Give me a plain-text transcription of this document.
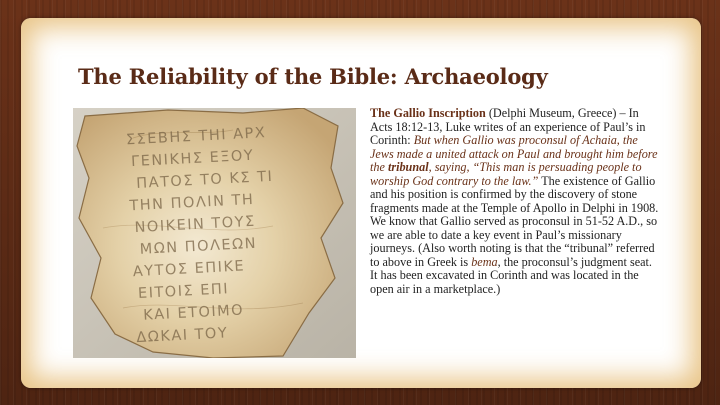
The Reliability of the Bible: Archaeology
ΣΣΕΒΗΣ ΤΗΙ ΑΡΧ
ΓΕΝΙΚΗΣ ΕΞΟΥ
ΠΑΤΟΣ ΤΟ ΚΣ ΤΙ
ΤΗΝ ΠΟΛΙΝ ΤΗ
ΝΟΙΚΕΙΝ ΤΟΥΣ
ΜΩΝ ΠΟΛΕΩΝ
ΑΥΤΟΣ ΕΠΙΚΕ
ΕΙΤΟΙΣ ΕΠΙ
ΚΑΙ ΕΤΟΙΜΟ
ΔΩΚΑΙ ΤΟΥ
The Gallio Inscription (Delphi Museum, Greece) – In Acts 18:12-13, Luke writes of an experience of Paul’s in Corinth: But when Gallio was proconsul of Achaia, the Jews made a united attack on Paul and brought him before the tribunal, saying, “This man is persuading people to worship God contrary to the law.” The existence of Gallio and his position is confirmed by the discovery of stone fragments made at the Temple of Apollo in Delphi in 1908. We know that Gallio served as proconsul in 51-52 A.D., so we are able to date a key event in Paul’s missionary journeys. (Also worth noting is that the “tribunal” referred to above in Greek is bema, the proconsul’s judgment seat. It has been excavated in Corinth and was located in the open air in a marketplace.)
